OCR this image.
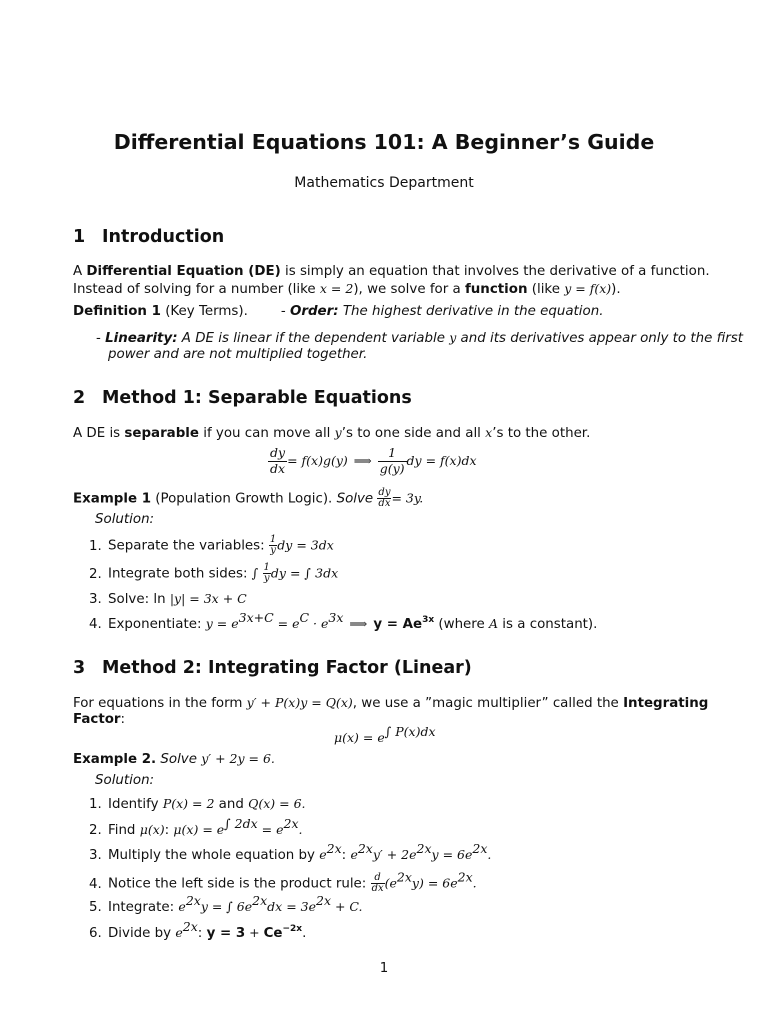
Differential Equations 101: A Beginner’s Guide
Mathematics Department
1 Introduction
A Differential Equation (DE) is simply an equation that involves the derivative of a function.
Instead of solving for a number (like x = 2), we solve for a function (like y = f(x)).
Definition 1 (Key Terms). - Order: The highest derivative in the equation.
- Linearity: A DE is linear if the dependent variable y and its derivatives appear only to the first
power and are not multiplied together.
2 Method 1: Separable Equations
A DE is separable if you can move all y’s to one side and all x’s to the other.
$\frac{dy}{dx} = f(x)g(y)$ ⟹ $\frac{1}{g(y)}$ dy = f(x)dx
Example 1 (Population Growth Logic). Solve $\frac{dy}{dx} = 3y$.
Solution:
1. Separate the variables: $\frac{1}{y}$ dy = 3dx
2. Integrate both sides: ∫ $\frac{1}{y}$ dy = ∫ 3dx
3. Solve: ln |y| = 3x + C
4. Exponentiate: $y = e^{3x+C} = e^C \cdot e^{3x}$ ⟹ $y = Ae^{3x}$ (where A is a constant).
3 Method 2: Integrating Factor (Linear)
For equations in the form y′ + P(x)y = Q(x), we use a ”magic multiplier” called the Integrating
Factor:
$\mu(x) = e^{\int P(x)dx}$
Example 2. Solve y′ + 2y = 6.
Solution:
1. Identify P(x) = 2 and Q(x) = 6.
2. Find μ(x): $\mu(x) = e^{\int 2dx} = e^{2x}$.
3. Multiply the whole equation by $e^{2x}$: $e^{2x}y' + 2e^{2x}y = 6e^{2x}$.
4. Notice the left side is the product rule: $\frac{d}{dx} (e^{2x}y) = 6e^{2x}$.
5. Integrate: $e^{2x}y$ = ∫ $6e^{2x}dx = 3e^{2x} + C$.
6. Divide by $e^{2x}$: $y = 3 + Ce^{-2x}$.
1
